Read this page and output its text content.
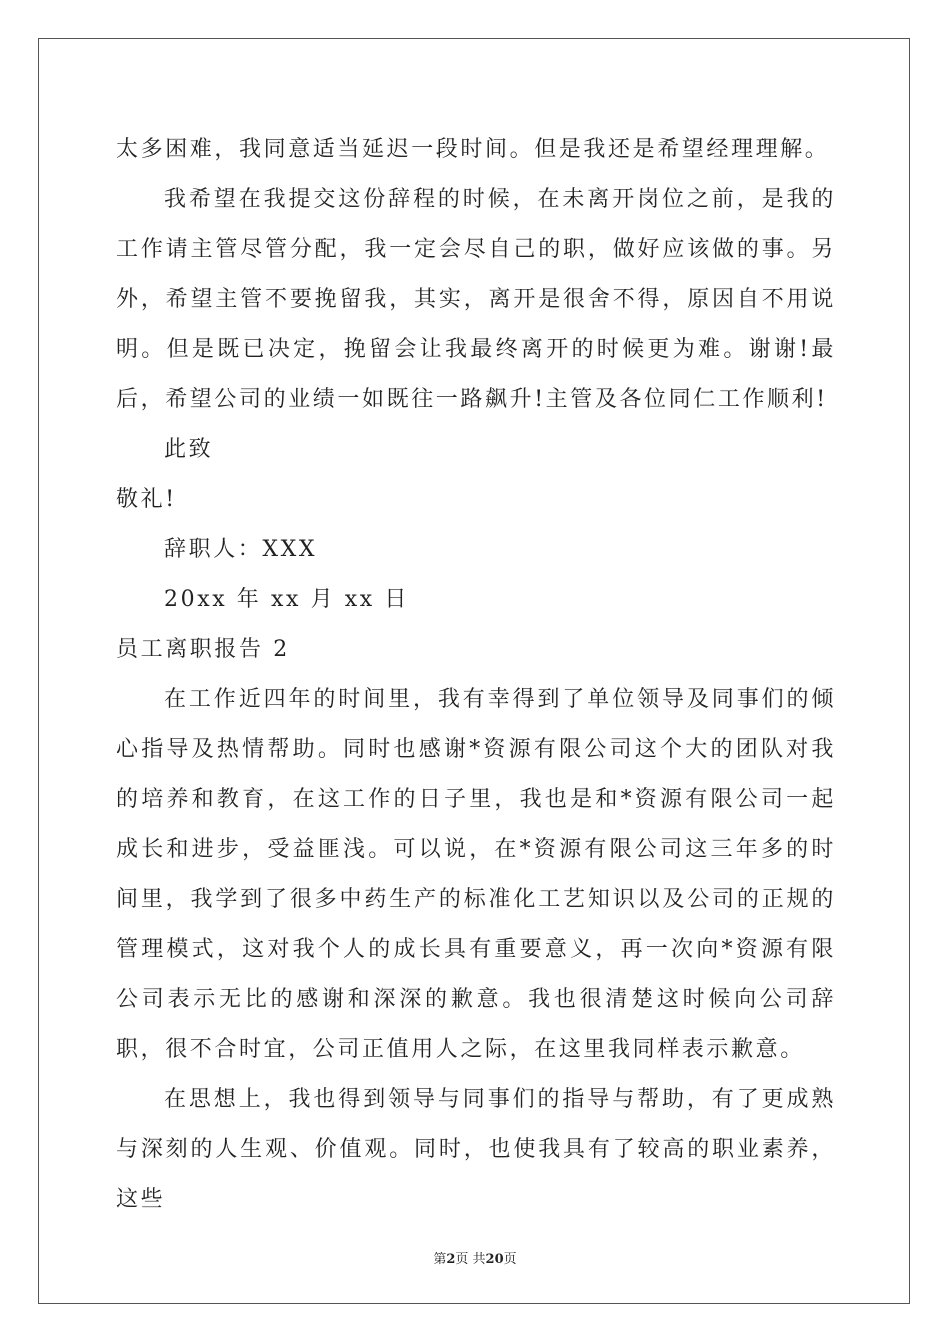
太多困难，我同意适当延迟一段时间。但是我还是希望经理理解。

我希望在我提交这份辞程的时候，在未离开岗位之前，是我的工作请主管尽管分配，我一定会尽自己的职，做好应该做的事。另外，希望主管不要挽留我，其实，离开是很舍不得，原因自不用说明。但是既已决定，挽留会让我最终离开的时候更为难。谢谢!最后，希望公司的业绩一如既往一路飙升!主管及各位同仁工作顺利!

此致

敬礼!

辞职人：XXX

20xx 年 xx 月 xx 日

员工离职报告 2

在工作近四年的时间里，我有幸得到了单位领导及同事们的倾心指导及热情帮助。同时也感谢*资源有限公司这个大的团队对我的培养和教育，在这工作的日子里，我也是和*资源有限公司一起成长和进步，受益匪浅。可以说，在*资源有限公司这三年多的时间里，我学到了很多中药生产的标准化工艺知识以及公司的正规的管理模式，这对我个人的成长具有重要意义，再一次向*资源有限公司表示无比的感谢和深深的歉意。我也很清楚这时候向公司辞职，很不合时宜，公司正值用人之际，在这里我同样表示歉意。

在思想上，我也得到领导与同事们的指导与帮助，有了更成熟与深刻的人生观、价值观。同时，也使我具有了较高的职业素养，这些

第2页 共20页
